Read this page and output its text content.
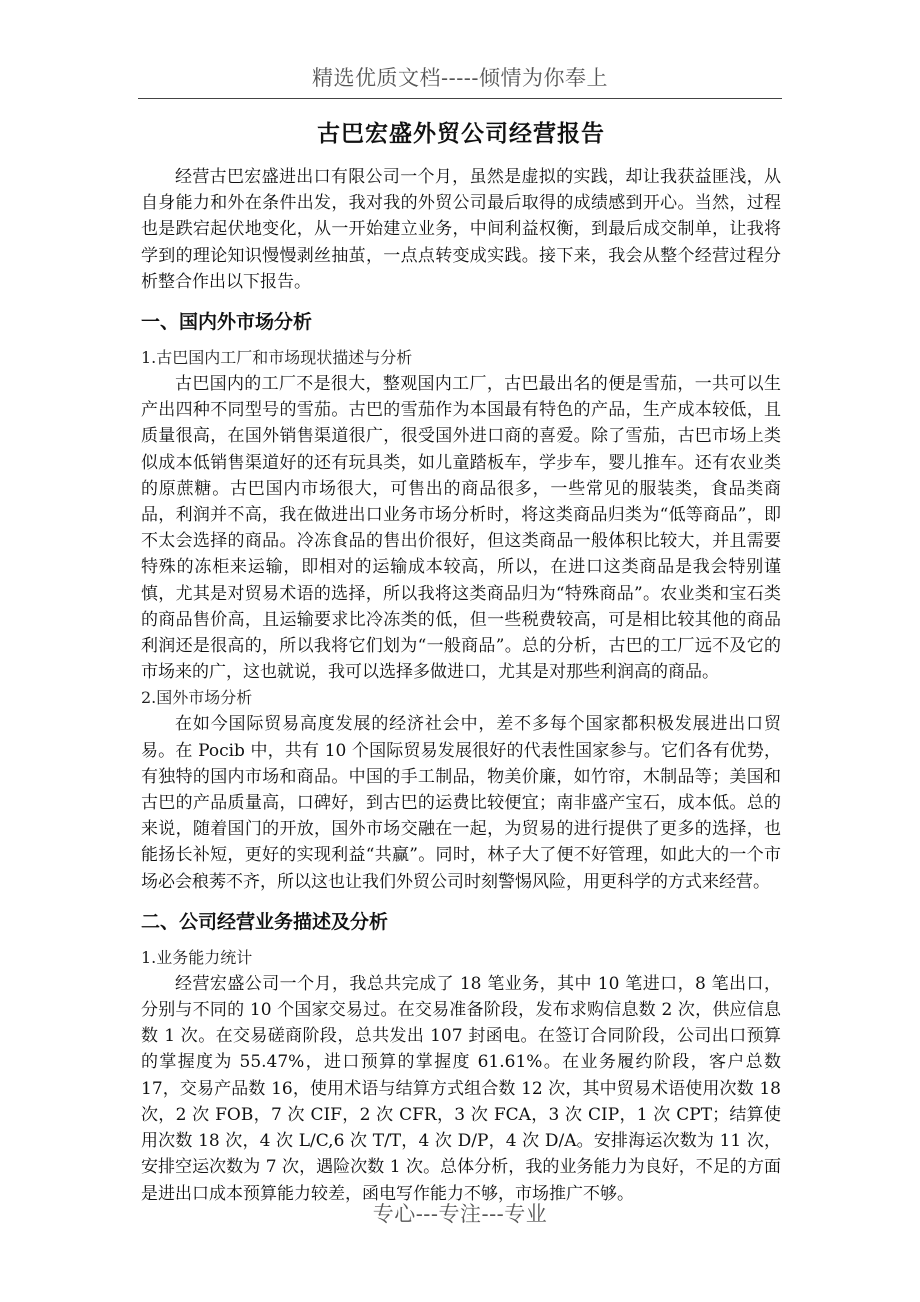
精选优质文档-----倾情为你奉上
古巴宏盛外贸公司经营报告

经营古巴宏盛进出口有限公司一个月，虽然是虚拟的实践，却让我获益匪浅，从自身能力和外在条件出发，我对我的外贸公司最后取得的成绩感到开心。当然，过程也是跌宕起伏地变化，从一开始建立业务，中间利益权衡，到最后成交制单，让我将学到的理论知识慢慢剥丝抽茧，一点点转变成实践。接下来，我会从整个经营过程分析整合作出以下报告。

一、国内外市场分析
1.古巴国内工厂和市场现状描述与分析

古巴国内的工厂不是很大，整观国内工厂，古巴最出名的便是雪茄，一共可以生产出四种不同型号的雪茄。古巴的雪茄作为本国最有特色的产品，生产成本较低，且质量很高，在国外销售渠道很广，很受国外进口商的喜爱。除了雪茄，古巴市场上类似成本低销售渠道好的还有玩具类，如儿童踏板车，学步车，婴儿推车。还有农业类的原蔗糖。古巴国内市场很大，可售出的商品很多，一些常见的服装类，食品类商品，利润并不高，我在做进出口业务市场分析时，将这类商品归类为“低等商品”，即不太会选择的商品。冷冻食品的售出价很好，但这类商品一般体积比较大，并且需要特殊的冻柜来运输，即相对的运输成本较高，所以，在进口这类商品是我会特别谨慎，尤其是对贸易术语的选择，所以我将这类商品归为“特殊商品”。农业类和宝石类的商品售价高，且运输要求比冷冻类的低，但一些税费较高，可是相比较其他的商品利润还是很高的，所以我将它们划为“一般商品”。总的分析，古巴的工厂远不及它的市场来的广，这也就说，我可以选择多做进口，尤其是对那些利润高的商品。

2.国外市场分析

在如今国际贸易高度发展的经济社会中，差不多每个国家都积极发展进出口贸易。在 Pocib 中，共有 10 个国际贸易发展很好的代表性国家参与。它们各有优势，有独特的国内市场和商品。中国的手工制品，物美价廉，如竹帘，木制品等；美国和古巴的产品质量高，口碑好，到古巴的运费比较便宜；南非盛产宝石，成本低。总的来说，随着国门的开放，国外市场交融在一起，为贸易的进行提供了更多的选择，也能扬长补短，更好的实现利益“共赢”。同时，林子大了便不好管理，如此大的一个市场必会稂莠不齐，所以这也让我们外贸公司时刻警惕风险，用更科学的方式来经营。

二、公司经营业务描述及分析
1.业务能力统计

经营宏盛公司一个月，我总共完成了 18 笔业务，其中 10 笔进口，8 笔出口，分别与不同的 10 个国家交易过。在交易准备阶段，发布求购信息数 2 次，供应信息数 1 次。在交易磋商阶段，总共发出 107 封函电。在签订合同阶段，公司出口预算的掌握度为 55.47%，进口预算的掌握度 61.61%。在业务履约阶段，客户总数 17，交易产品数 16，使用术语与结算方式组合数 12 次，其中贸易术语使用次数 18 次，2 次 FOB，7 次 CIF，2 次 CFR，3 次 FCA，3 次 CIP，1 次 CPT；结算使用次数 18 次，4 次 L/C,6 次 T/T，4 次 D/P，4 次 D/A。安排海运次数为 11 次，安排空运次数为 7 次，遇险次数 1 次。总体分析，我的业务能力为良好，不足的方面是进出口成本预算能力较差，函电写作能力不够，市场推广不够。

专心---专注---专业
